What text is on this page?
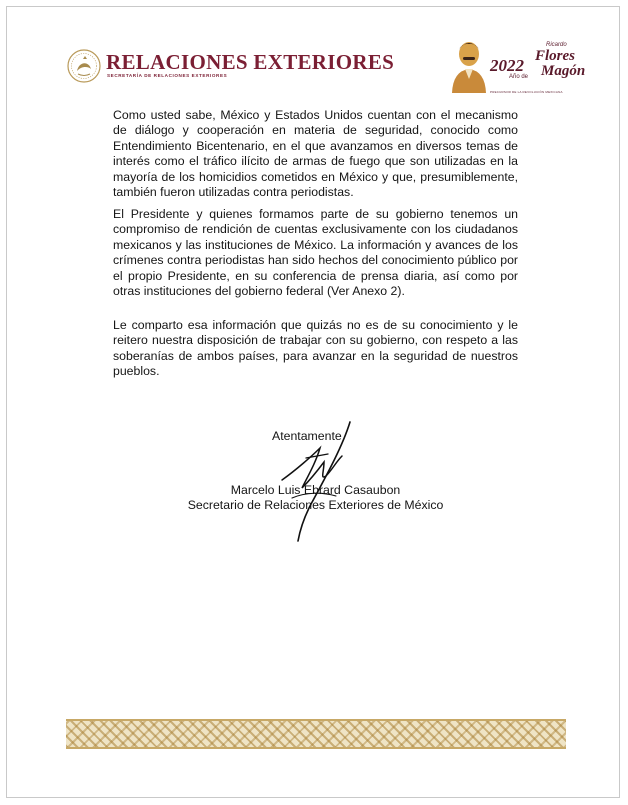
RELACIONES EXTERIORES
SECRETARÍA DE RELACIONES EXTERIORES
2022
Año de
Ricardo
Flores
Magón
PRECURSOR DE LA REVOLUCIÓN MEXICANA

Como usted sabe, México y Estados Unidos cuentan con el mecanismo de diálogo y cooperación en materia de seguridad, conocido como Entendimiento Bicentenario, en el que avanzamos en diversos temas de interés como el tráfico ilícito de armas de fuego que son utilizadas en la mayoría de los homicidios cometidos en México y que, presumiblemente, también fueron utilizadas contra periodistas.

El Presidente y quienes formamos parte de su gobierno tenemos un compromiso de rendición de cuentas exclusivamente con los ciudadanos mexicanos y las instituciones de México. La información y avances de los crímenes contra periodistas han sido hechos del conocimiento público por el propio Presidente, en su conferencia de prensa diaria, así como por otras instituciones del gobierno federal (Ver Anexo 2).

Le comparto esa información que quizás no es de su conocimiento y le reitero nuestra disposición de trabajar con su gobierno, con respeto a las soberanías de ambos países, para avanzar en la seguridad de nuestros pueblos.

Atentamente
Marcelo Luis Ebrard Casaubon
Secretario de Relaciones Exteriores de México
